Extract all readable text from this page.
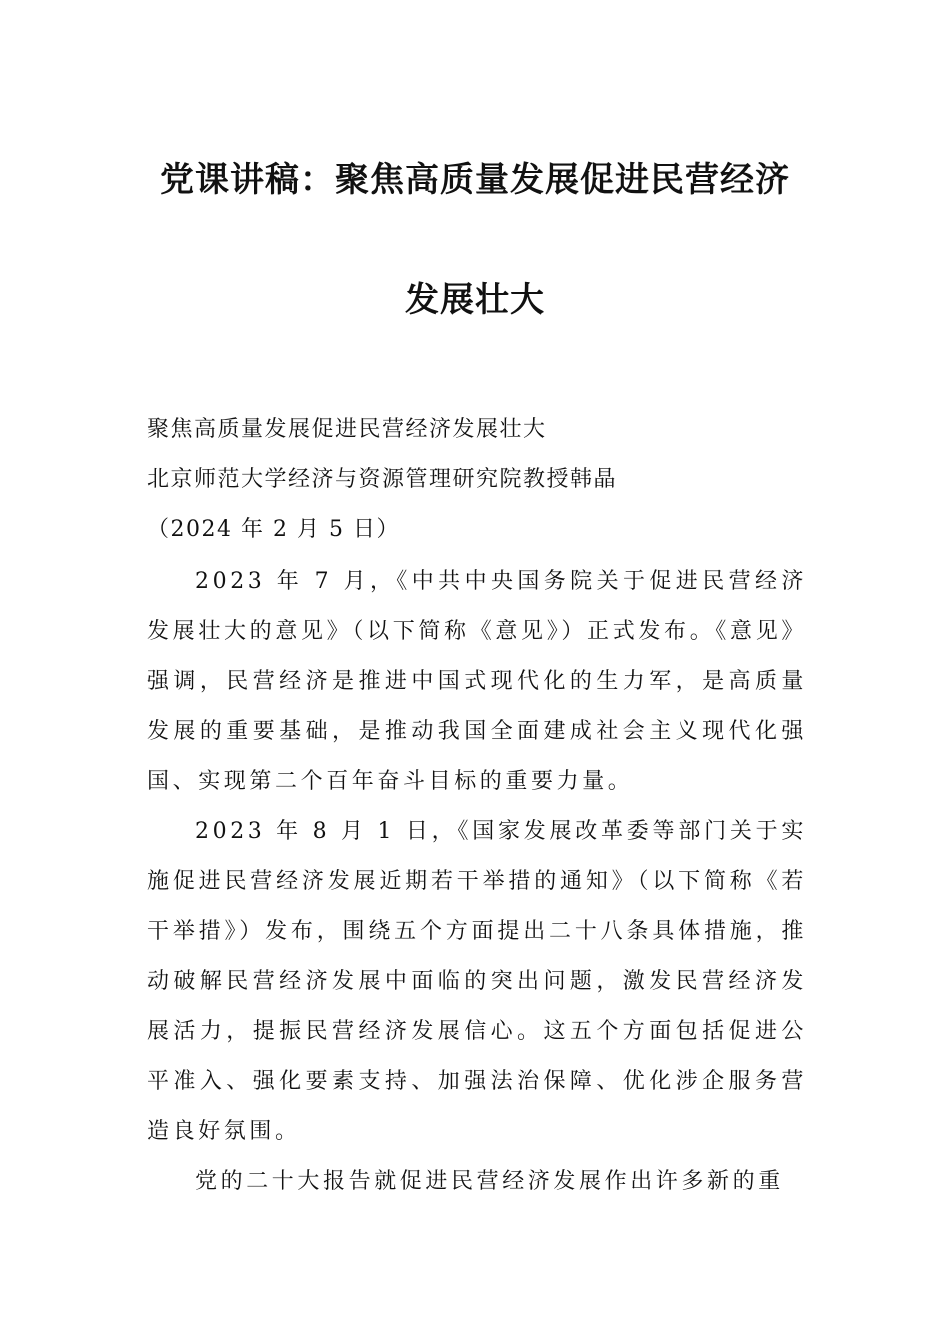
党课讲稿：聚焦高质量发展促进民营经济
发展壮大

聚焦高质量发展促进民营经济发展壮大

北京师范大学经济与资源管理研究院教授韩晶

（2024 年 2 月 5 日）

2023 年 7 月，《中共中央国务院关于促进民营经济发展壮大的意见》（以下简称《意见》）正式发布。《意见》强调，民营经济是推进中国式现代化的生力军，是高质量发展的重要基础，是推动我国全面建成社会主义现代化强国、实现第二个百年奋斗目标的重要力量。

2023 年 8 月 1 日，《国家发展改革委等部门关于实施促进民营经济发展近期若干举措的通知》（以下简称《若干举措》）发布，围绕五个方面提出二十八条具体措施，推动破解民营经济发展中面临的突出问题，激发民营经济发展活力，提振民营经济发展信心。这五个方面包括促进公平准入、强化要素支持、加强法治保障、优化涉企服务营造良好氛围。

党的二十大报告就促进民营经济发展作出许多新的重
